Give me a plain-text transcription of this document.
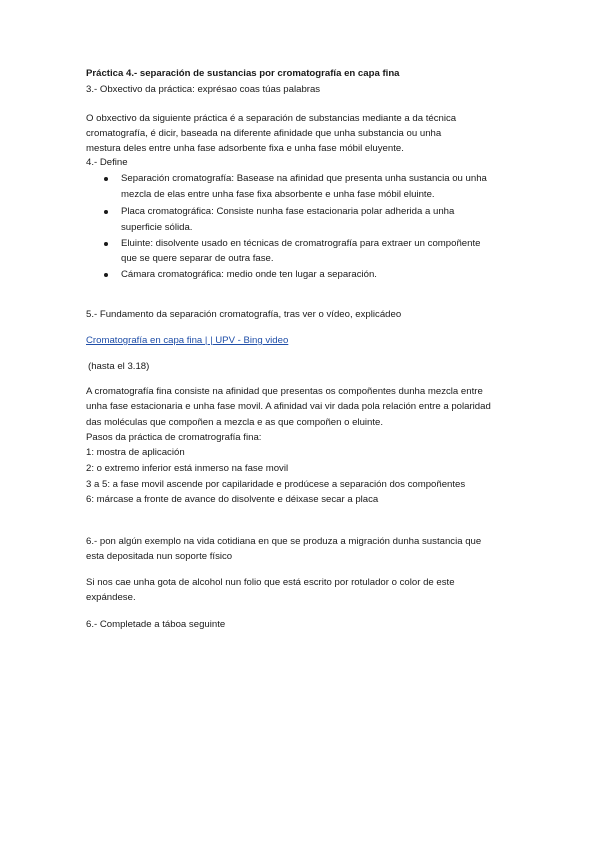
Práctica 4.- separación de sustancias por cromatografía en capa fina
3.- Obxectivo da práctica: exprésao coas túas palabras
O obxectivo da siguiente práctica é a separación de substancias mediante a da técnica
cromatografía, é dicir, baseada na diferente afinidade que unha substancia ou unha
mestura deles entre unha fase adsorbente fixa e unha fase móbil eluyente.
4.- Define
Separación cromatografía: Basease na afinidad que presenta unha sustancia ou unha
mezcla de elas entre unha fase fixa absorbente e unha fase móbil eluinte.
Placa cromatográfica: Consiste nunha fase estacionaria polar adherida a unha
superficie sólida.
Eluinte: disolvente usado en técnicas de cromatrografía para extraer un compoñente
que se quere separar de outra fase.
Cámara cromatográfica: medio onde ten lugar a separación.
5.- Fundamento da separación cromatografía, tras ver o vídeo, explicádeo
Cromatografía en capa fina | | UPV - Bing video
(hasta el 3.18)
A cromatografía fina consiste na afinidad que presentas os compoñentes dunha mezcla entre
unha fase estacionaria e unha fase movil. A afinidad vai vir dada pola relación entre a polaridad
das moléculas que compoñen a mezcla e as que compoñen o eluinte.
Pasos da práctica de cromatrografía fina:
1: mostra de aplicación
2: o extremo inferior está inmerso na fase movil
3 a 5: a fase movil ascende por capilaridade e prodúcese a separación dos compoñentes
6: márcase a fronte de avance do disolvente e déixase secar a placa
6.- pon algún exemplo na vida cotidiana en que se produza a migración dunha sustancia que
esta depositada nun soporte físico
Si nos cae unha gota de alcohol nun folio que está escrito por rotulador o color de este
expándese.
6.- Completade a táboa seguinte
